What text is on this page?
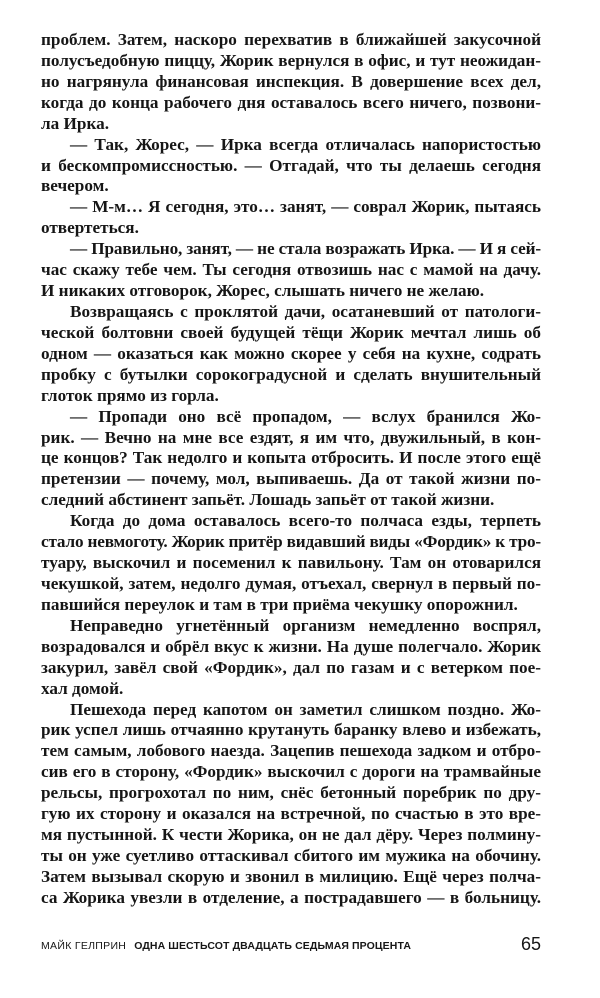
проблем. Затем, наскоро перехватив в ближайшей закусочной
полусъедобную пиццу, Жорик вернулся в офис, и тут неожидан-
но нагрянула финансовая инспекция. В довершение всех дел,
когда до конца рабочего дня оставалось всего ничего, позвони-
ла Ирка.
— Так, Жорес, — Ирка всегда отличалась напористостью
и бескомпромиссностью. — Отгадай, что ты делаешь сегодня
вечером.
— М-м… Я сегодня, это… занят, — соврал Жорик, пытаясь
отвертеться.
— Правильно, занят, — не стала возражать Ирка. — И я сей-
час скажу тебе чем. Ты сегодня отвозишь нас с мамой на дачу.
И никаких отговорок, Жорес, слышать ничего не желаю.
Возвращаясь с проклятой дачи, осатаневший от патологи-
ческой болтовни своей будущей тёщи Жорик мечтал лишь об
одном — оказаться как можно скорее у себя на кухне, содрать
пробку с бутылки сорокоградусной и сделать внушительный
глоток прямо из горла.
— Пропади оно всё пропадом, — вслух бранился Жо-
рик. — Вечно на мне все ездят, я им что, двужильный, в кон-
це концов? Так недолго и копыта отбросить. И после этого ещё
претензии — почему, мол, выпиваешь. Да от такой жизни по-
следний абстинент запьёт. Лошадь запьёт от такой жизни.
Когда до дома оставалось всего-то полчаса езды, терпеть
стало невмоготу. Жорик притёр видавший виды «Фордик» к тро-
туару, выскочил и посеменил к павильону. Там он отоварился
чекушкой, затем, недолго думая, отъехал, свернул в первый по-
павшийся переулок и там в три приёма чекушку опорожнил.
Неправедно угнетённый организм немедленно воспрял,
возрадовался и обрёл вкус к жизни. На душе полегчало. Жорик
закурил, завёл свой «Фордик», дал по газам и с ветерком пое-
хал домой.
Пешехода перед капотом он заметил слишком поздно. Жо-
рик успел лишь отчаянно крутануть баранку влево и избежать,
тем самым, лобового наезда. Зацепив пешехода задком и отбро-
сив его в сторону, «Фордик» выскочил с дороги на трамвайные
рельсы, прогрохотал по ним, снёс бетонный поребрик по дру-
гую их сторону и оказался на встречной, по счастью в это вре-
мя пустынной. К чести Жорика, он не дал дёру. Через полмину-
ты он уже суетливо оттаскивал сбитого им мужика на обочину.
Затем вызывал скорую и звонил в милицию. Ещё через полча-
са Жорика увезли в отделение, а пострадавшего — в больницу.
МАЙК ГЕЛПРИН ОДНА ШЕСТЬСОТ ДВАДЦАТЬ СЕДЬМАЯ ПРОЦЕНТА	65
